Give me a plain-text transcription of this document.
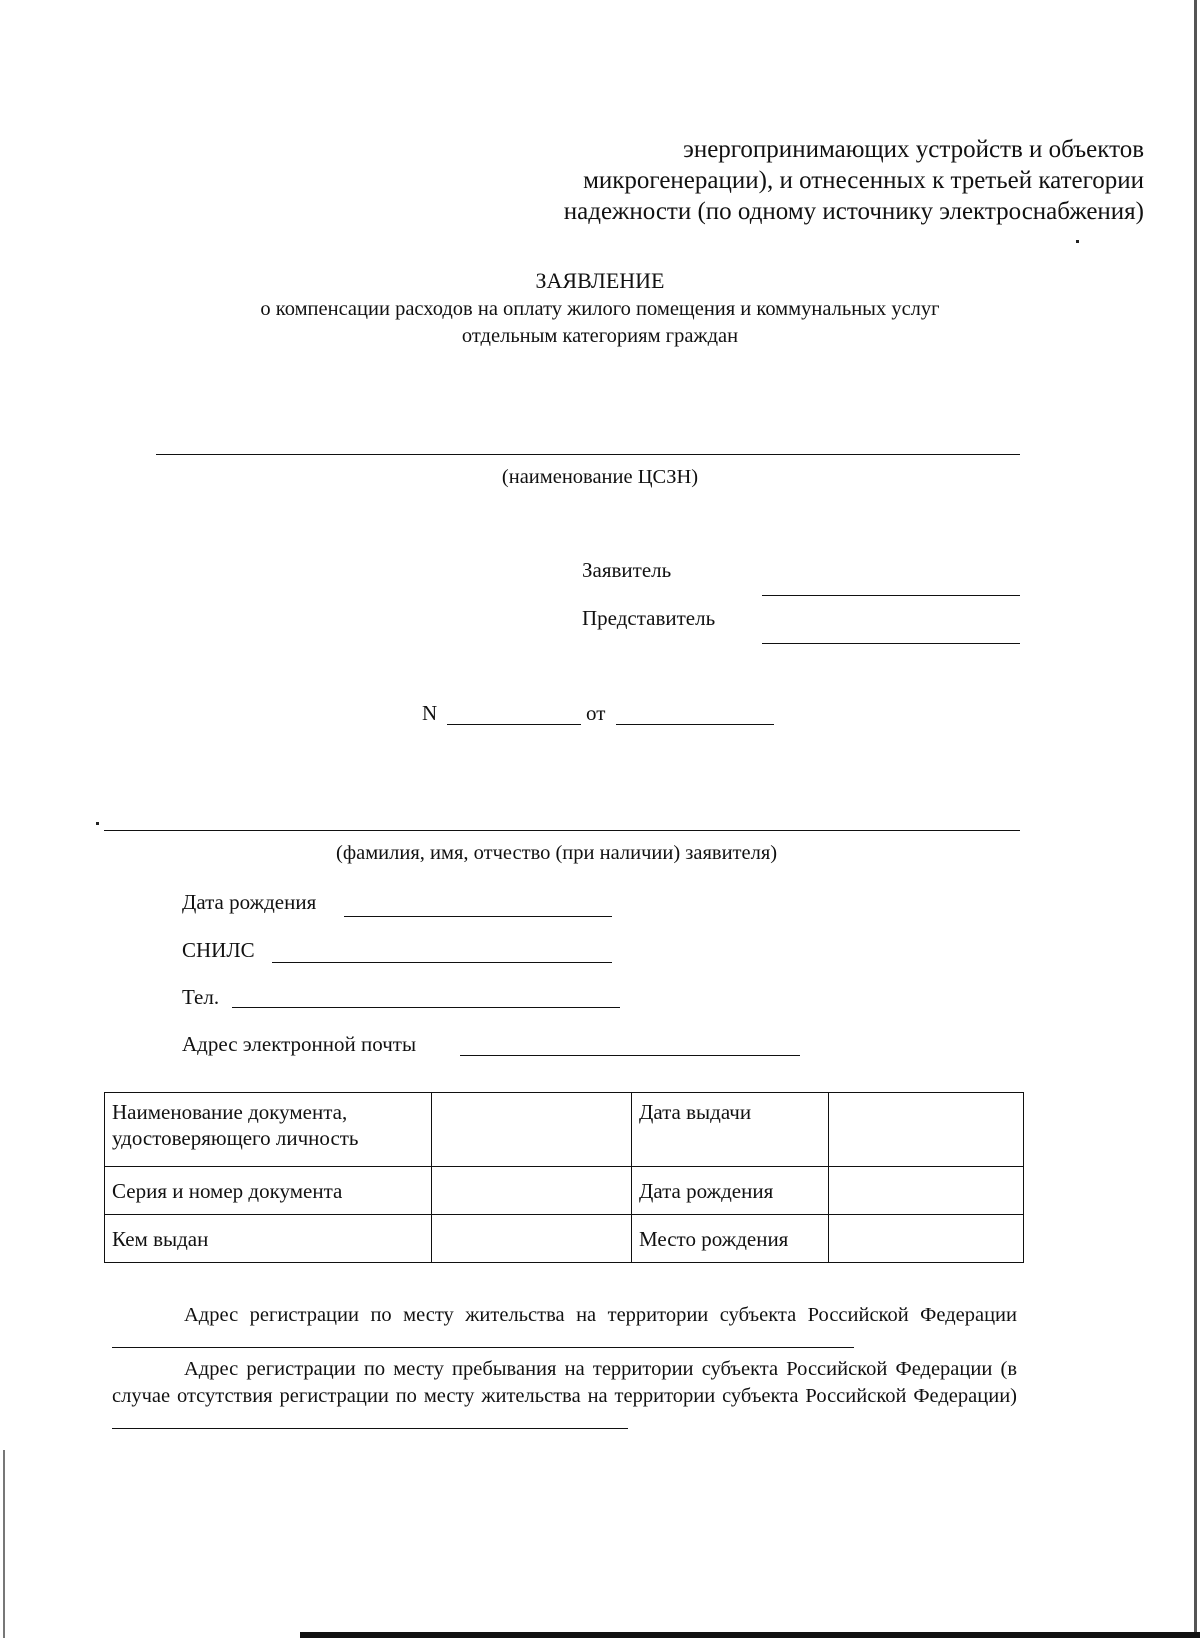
энергопринимающих устройств и объектов
микрогенерации), и отнесенных к третьей категории
надежности (по одному источнику электроснабжения)
ЗАЯВЛЕНИЕ
о компенсации расходов на оплату жилого помещения и коммунальных услуг
отдельным категориям граждан
(наименование ЦСЗН)
Заявитель
Представитель
N	от
(фамилия, имя, отчество (при наличии) заявителя)
Дата рождения
СНИЛС
Тел.
Адрес электронной почты
Наименование документа, удостоверяющего личность		Дата выдачи	
Серия и номер документа		Дата рождения	
Кем выдан		Место рождения	
Адрес регистрации по месту жительства на территории субъекта Российской Федерации
Адрес регистрации по месту пребывания на территории субъекта Российской Федерации (в случае отсутствия регистрации по месту жительства на территории субъекта Российской Федерации)
